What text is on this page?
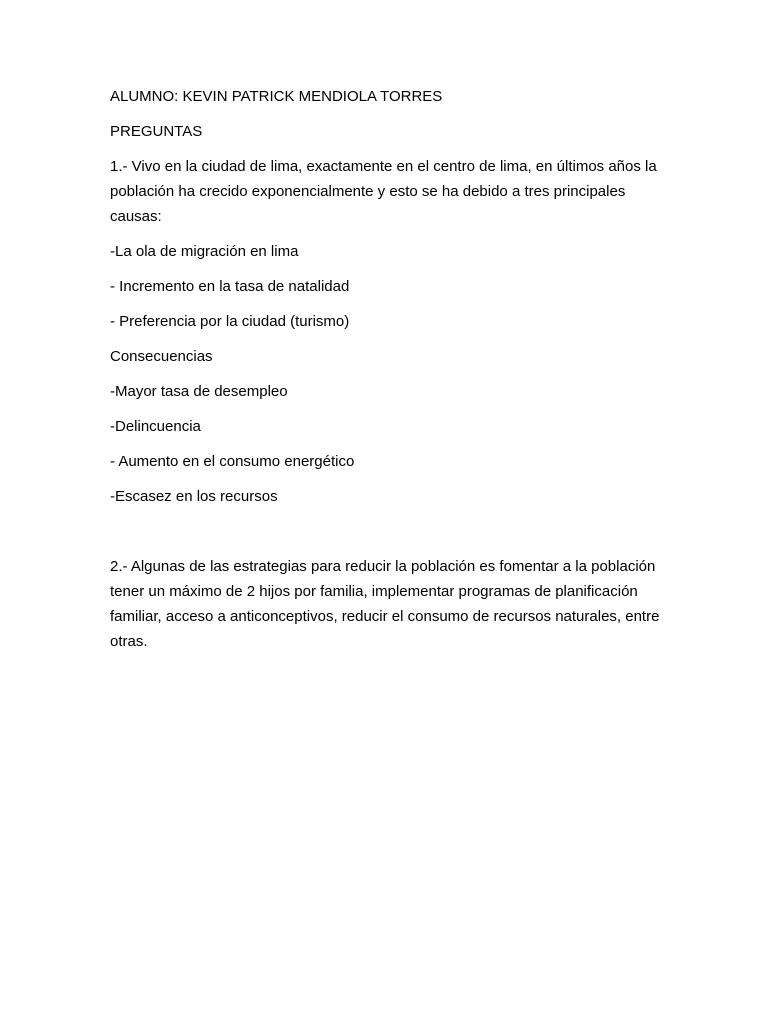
ALUMNO: KEVIN PATRICK MENDIOLA TORRES

PREGUNTAS

1.- Vivo en la ciudad de lima, exactamente en el centro de lima, en últimos años la población ha crecido exponencialmente y esto se ha debido a tres principales causas:

-La ola de migración en lima

- Incremento en la tasa de natalidad

- Preferencia por la ciudad (turismo)

Consecuencias

-Mayor tasa de desempleo

-Delincuencia

- Aumento en el consumo energético

-Escasez en los recursos

2.- Algunas de las estrategias para reducir la población es fomentar a la población tener un máximo de 2 hijos por familia, implementar programas de planificación familiar, acceso a anticonceptivos, reducir el consumo de recursos naturales, entre otras.
